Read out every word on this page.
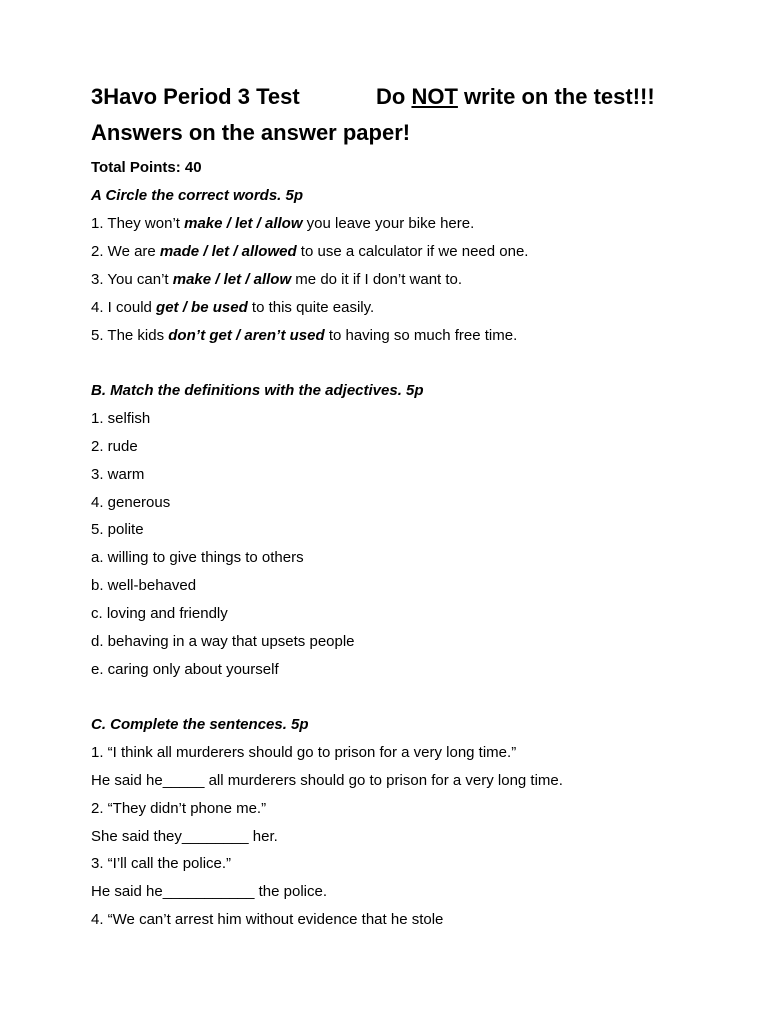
3Havo Period 3 Test	Do NOT write on the test!!!
Answers on the answer paper!
Total Points: 40
A Circle the correct words. 5p
1. They won’t make / let / allow you leave your bike here.
2. We are made / let / allowed to use a calculator if we need one.
3. You can’t make / let / allow me do it if I don’t want to.
4. I could get / be used to this quite easily.
5. The kids don’t get / aren’t used to having so much free time.
B. Match the definitions with the adjectives. 5p
1. selfish
2. rude
3. warm
4. generous
5. polite
a. willing to give things to others
b. well-behaved
c. loving and friendly
d. behaving in a way that upsets people
e. caring only about yourself
C. Complete the sentences. 5p
1. “I think all murderers should go to prison for a very long time.”
He said he_____ all murderers should go to prison for a very long time.
2. “They didn’t phone me.”
She said they________ her.
3. “I’ll call the police.”
He said he___________ the police.
4. “We can’t arrest him without evidence that he stole
